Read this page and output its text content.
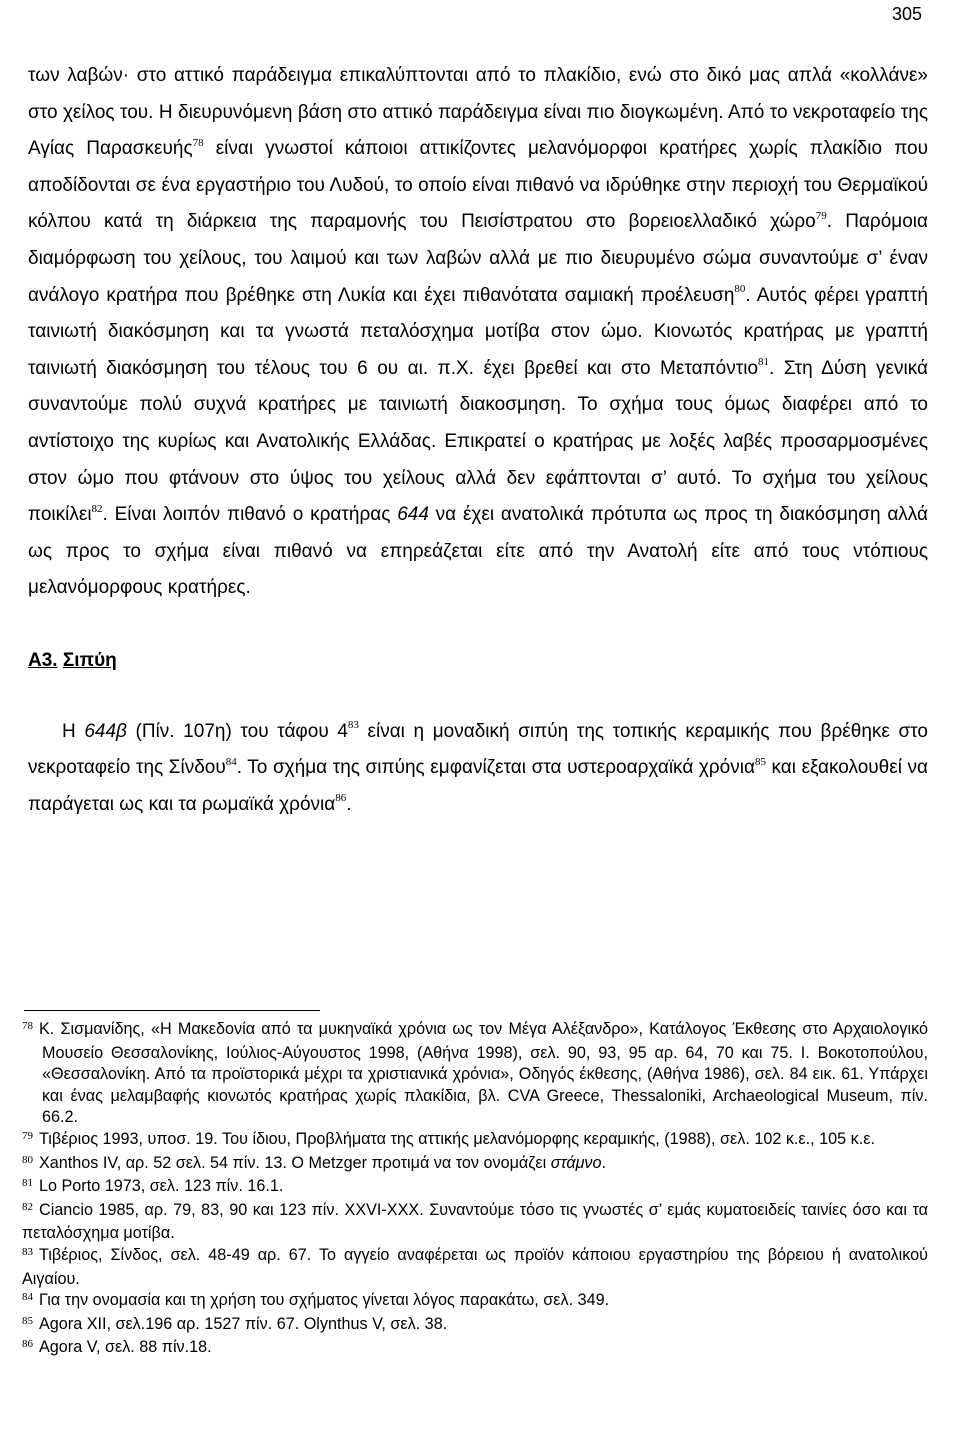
305

των λαβών· στο αττικό παράδειγμα επικαλύπτονται από το πλακίδιο, ενώ στο δικό μας απλά «κολλάνε» στο χείλος του. Η διευρυνόμενη βάση στο αττικό παράδειγμα είναι πιο διογκωμένη. Από το νεκροταφείο της Αγίας Παρασκευής$^{78}$ είναι γνωστοί κάποιοι αττικίζοντες μελανόμορφοι κρατήρες χωρίς πλακίδιο που αποδίδονται σε ένα εργαστήριο του Λυδού, το οποίο είναι πιθανό να ιδρύθηκε στην περιοχή του Θερμαϊκού κόλπου κατά τη διάρκεια της παραμονής του Πεισίστρατου στο βορειοελλαδικό χώρο$^{79}$. Παρόμοια διαμόρφωση του χείλους, του λαιμού και των λαβών αλλά με πιο διευρυμένο σώμα συναντούμε σ’ έναν ανάλογο κρατήρα που βρέθηκε στη Λυκία και έχει πιθανότατα σαμιακή προέλευση$^{80}$. Αυτός φέρει γραπτή ταινιωτή διακόσμηση και τα γνωστά πεταλόσχημα μοτίβα στον ώμο. Κιονωτός κρατήρας με γραπτή ταινιωτή διακόσμηση του τέλους του 6 ου αι. π.Χ. έχει βρεθεί και στο Μεταπόντιο$^{81}$. Στη Δύση γενικά συναντούμε πολύ συχνά κρατήρες με ταινιωτή διακοσμηση. Το σχήμα τους όμως διαφέρει από το αντίστοιχο της κυρίως και Ανατολικής Ελλάδας. Επικρατεί ο κρατήρας με λοξές λαβές προσαρμοσμένες στον ώμο που φτάνουν στο ύψος του χείλους αλλά δεν εφάπτονται σ’ αυτό. Το σχήμα του χείλους ποικίλει$^{82}$. Είναι λοιπόν πιθανό ο κρατήρας 644 να έχει ανατολικά πρότυπα ως προς τη διακόσμηση αλλά ως προς το σχήμα είναι πιθανό να επηρεάζεται είτε από την Ανατολή είτε από τους ντόπιους μελανόμορφους κρατήρες.

Α3. Σιπύη

Η 644β (Πίν. 107η) του τάφου $4^{83}$ είναι η μοναδική σιπύη της τοπικής κεραμικής που βρέθηκε στο νεκροταφείο της Σίνδου$^{84}$. Το σχήμα της σιπύης εμφανίζεται στα υστεροαρχαϊκά χρόνια$^{85}$ και εξακολουθεί να παράγεται ως και τα ρωμαϊκά χρόνια$^{86}$.

$^{78}$ Κ. Σισμανίδης, «Η Μακεδονία από τα μυκηναϊκά χρόνια ως τον Μέγα Αλέξανδρο», Κατάλογος Έκθεσης στο Αρχαιολογικό Μουσείο Θεσσαλονίκης, Ιούλιος-Αύγουστος 1998, (Αθήνα 1998), σελ. 90, 93, 95 αρ. 64, 70 και 75. Ι. Βοκοτοπούλου, «Θεσσαλονίκη. Από τα προϊστορικά μέχρι τα χριστιανικά χρόνια», Οδηγός έκθεσης, (Αθήνα 1986), σελ. 84 εικ. 61. Υπάρχει και ένας μελαμβαφής κιονωτός κρατήρας χωρίς πλακίδια, βλ. CVA Greece, Thessaloniki, Archaeological Museum, πίν. 66.2.

$^{79}$ Τιβέριος 1993, υποσ. 19. Του ίδιου, Προβλήματα της αττικής μελανόμορφης κεραμικής, (1988), σελ. 102 κ.ε., 105 κ.ε.

$^{80}$ Xanthos IV, αρ. 52 σελ. 54 πίν. 13. Ο Metzger προτιμά να τον ονομάζει στάμνο.

$^{81}$ Lo Porto 1973, σελ. 123 πίν. 16.1.

$^{82}$ Ciancio 1985, αρ. 79, 83, 90 και 123 πίν. XXVI-XXX. Συναντούμε τόσο τις γνωστές σ’ εμάς κυματοειδείς ταινίες όσο και τα πεταλόσχημα μοτίβα.

$^{83}$ Τιβέριος, Σίνδος, σελ. 48-49 αρ. 67. Το αγγείο αναφέρεται ως προϊόν κάποιου εργαστηρίου της βόρειου ή ανατολικού Αιγαίου.

$^{84}$ Για την ονομασία και τη χρήση του σχήματος γίνεται λόγος παρακάτω, σελ. 349.

$^{85}$ Agora XII, σελ.196 αρ. 1527 πίν. 67. Olynthus V, σελ. 38.

$^{86}$ Agora V, σελ. 88 πίν.18.
